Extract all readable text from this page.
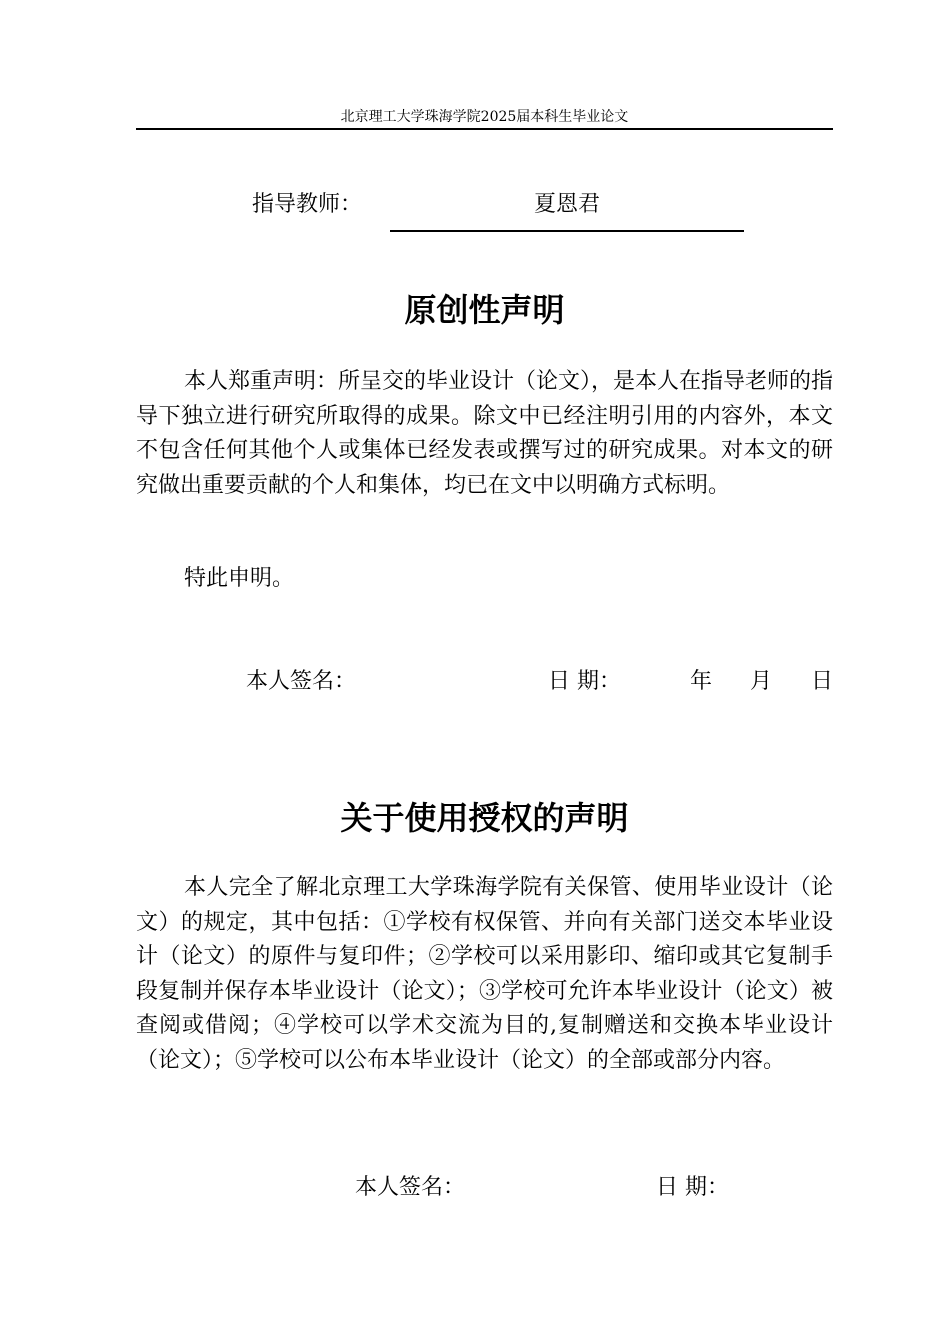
北京理工大学珠海学院2025届本科生毕业论文
指导教师：	夏恩君
原创性声明

本人郑重声明：所呈交的毕业设计（论文），是本人在指导老师的指导下独立进行研究所取得的成果。除文中已经注明引用的内容外，本文不包含任何其他个人或集体已经发表或撰写过的研究成果。对本文的研究做出重要贡献的个人和集体，均已在文中以明确方式标明。

特此申明。

本人签名：	日 期：	年 月 日
关于使用授权的声明

本人完全了解北京理工大学珠海学院有关保管、使用毕业设计（论文）的规定，其中包括：①学校有权保管、并向有关部门送交本毕业设计（论文）的原件与复印件；②学校可以采用影印、缩印或其它复制手段复制并保存本毕业设计（论文）；③学校可允许本毕业设计（论文）被查阅或借阅；④学校可以学术交流为目的,复制赠送和交换本毕业设计（论文）；⑤学校可以公布本毕业设计（论文）的全部或部分内容。

本人签名：	日 期：
